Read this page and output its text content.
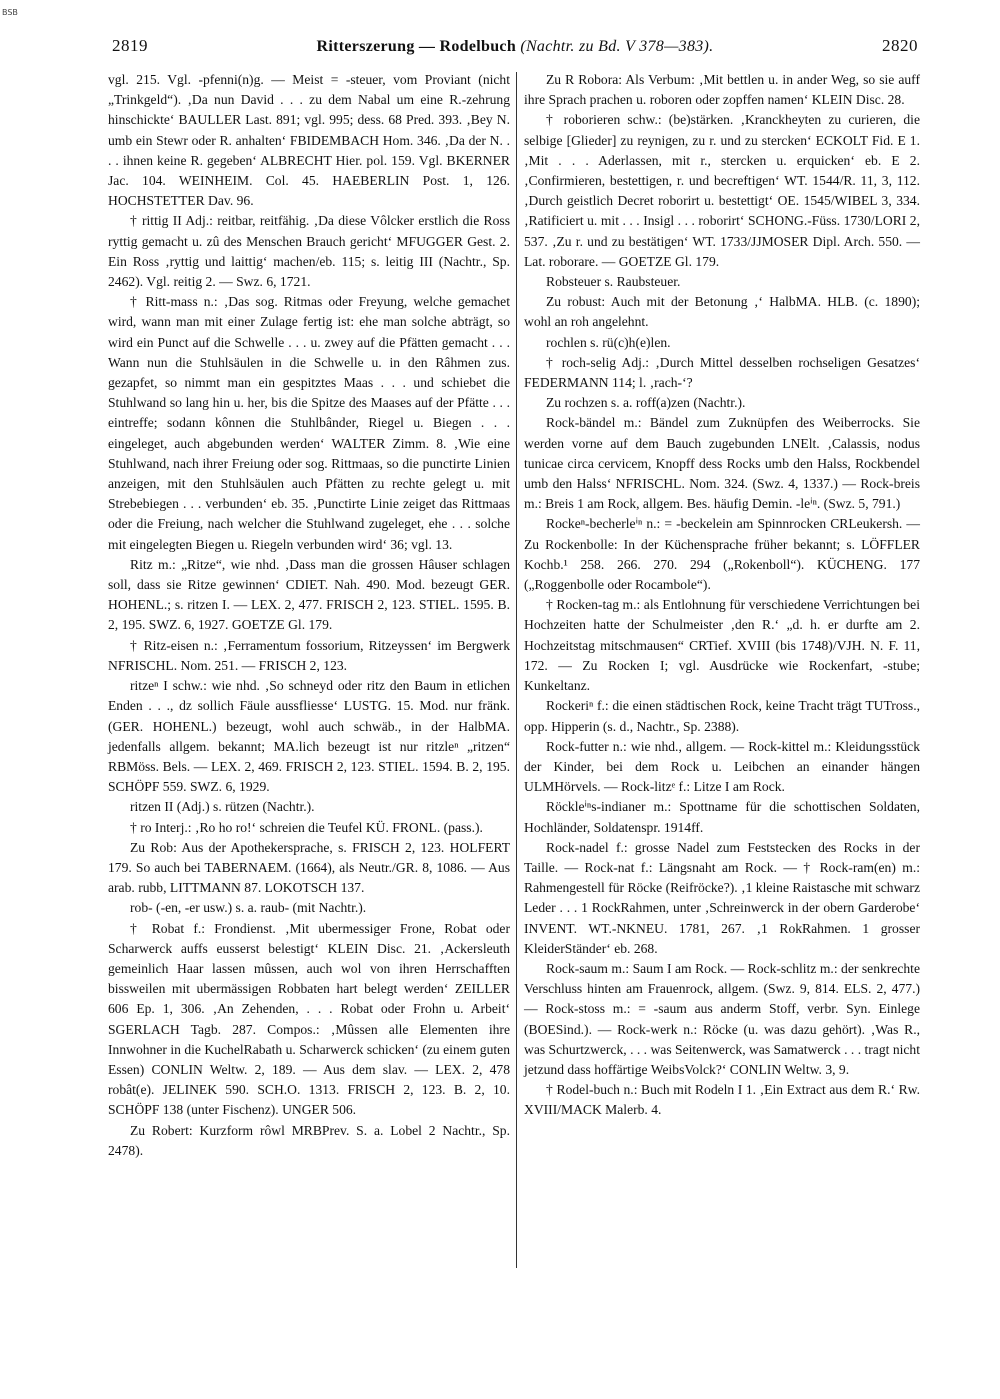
BSB
2819	Ritterszerung — Rodelbuch (Nachtr. zu Bd. V 378—383).	2820

vgl. 215. Vgl. -pfenni(n)g. — Meist = -steuer, vom Proviant (nicht „Trinkgeld“). ‚Da nun David . . . zu dem Nabal um eine R.-zehrung hinschickte‘ BAULLER Last. 891; vgl. 995; dess. 68 Pred. 393. ‚Bey N. umb ein Stewr oder R. anhalten‘ FBIDEMBACH Hom. 346. ‚Da der N. . . . ihnen keine R. gegeben‘ ALBRECHT Hier. pol. 159. Vgl. BKERNER Jac. 104. WEINHEIM. Col. 45. HAEBERLIN Post. 1, 126. HOCHSTETTER Dav. 96.

† rittig II Adj.: reitbar, reitfähig. ‚Da diese Vôlcker erstlich die Ross ryttig gemacht u. zû des Menschen Brauch gericht‘ MFUGGER Gest. 2. Ein Ross ‚ryttig und laittig‘ machen/eb. 115; s. leitig III (Nachtr., Sp. 2462). Vgl. reitig 2. — Swz. 6, 1721.

† Ritt-mass n.: ‚Das sog. Ritmas oder Freyung, welche gemachet wird, wann man mit einer Zulage fertig ist: ehe man solche abträgt, so wird ein Punct auf die Schwelle . . . u. zwey auf die Pfätten gemacht . . . Wann nun die Stuhlsäulen in die Schwelle u. in den Râhmen zus. gezapfet, so nimmt man ein gespitztes Maas . . . und schiebet die Stuhlwand so lang hin u. her, bis die Spitze des Maases auf der Pfätte . . . eintreffe; sodann kônnen die Stuhlbânder, Riegel u. Biegen . . . eingeleget, auch abgebunden werden‘ WALTER Zimm. 8. ‚Wie eine Stuhlwand, nach ihrer Freiung oder sog. Rittmaas, so die punctirte Linien anzeigen, mit den Stuhlsäulen auch Pfätten zu rechte gelegt u. mit Strebebiegen . . . verbunden‘ eb. 35. ‚Punctirte Linie zeiget das Rittmaas oder die Freiung, nach welcher die Stuhlwand zugeleget, ehe . . . solche mit eingelegten Biegen u. Riegeln verbunden wird‘ 36; vgl. 13.

Ritz m.: „Ritze“, wie nhd. ‚Dass man die grossen Hâuser schlagen soll, dass sie Ritze gewinnen‘ CDIET. Nah. 490. Mod. bezeugt GER. HOHENL.; s. ritzen I. — LEX. 2, 477. FRISCH 2, 123. STIEL. 1595. B. 2, 195. SWZ. 6, 1927. GOETZE Gl. 179.

† Ritz-eisen n.: ‚Ferramentum fossorium, Ritzeyssen‘ im Bergwerk NFRISCHL. Nom. 251. — FRISCH 2, 123.

ritzeⁿ I schw.: wie nhd. ‚So schneyd oder ritz den Baum in etlichen Enden . . ., dz sollich Fäule aussfliesse‘ LUSTG. 15. Mod. nur fränk. (GER. HOHENL.) bezeugt, wohl auch schwäb., in der HalbMA. jedenfalls allgem. bekannt; MA.lich bezeugt ist nur ritzleⁿ „ritzen“ RBMöss. Bels. — LEX. 2, 469. FRISCH 2, 123. STIEL. 1594. B. 2, 195. SCHÖPF 559. SWZ. 6, 1929.

ritzen II (Adj.) s. rützen (Nachtr.).

† ro Interj.: ‚Ro ho ro!‘ schreien die Teufel KÜ. FRONL. (pass.).

Zu Rob: Aus der Apothekersprache, s. FRISCH 2, 123. HOLFERT 179. So auch bei TABERNAEM. (1664), als Neutr./GR. 8, 1086. — Aus arab. rubb, LITTMANN 87. LOKOTSCH 137.

rob- (-en, -er usw.) s. a. raub- (mit Nachtr.).

† Robat f.: Frondienst. ‚Mit ubermessiger Frone, Robat oder Scharwerck auffs eusserst belestigt‘ KLEIN Disc. 21. ‚Ackersleuth gemeinlich Haar lassen mûssen, auch wol von ihren Herrschafften bissweilen mit ubermässigen Robbaten hart belegt werden‘ ZEILLER 606 Ep. 1, 306. ‚An Zehenden, . . . Robat oder Frohn u. Arbeit‘ SGERLACH Tagb. 287. Compos.: ‚Mûssen alle Elementen ihre Innwohner in die KuchelRabath u. Scharwerck schicken‘ (zu einem guten Essen) CONLIN Weltw. 2, 189. — Aus dem slav. — LEX. 2, 478 robât(e). JELINEK 590. SCH.O. 1313. FRISCH 2, 123. B. 2, 10. SCHÖPF 138 (unter Fischenz). UNGER 506.

Zu Robert: Kurzform rôwl MRBPrev. S. a. Lobel 2 Nachtr., Sp. 2478).

Zu R Robora: Als Verbum: ‚Mit bettlen u. in ander Weg, so sie auff ihre Sprach prachen u. roboren oder zopffen namen‘ KLEIN Disc. 28.

† roborieren schw.: (be)stärken. ‚Kranckheyten zu curieren, die selbige [Glieder] zu reynigen, zu r. und zu stercken‘ ECKOLT Fid. E 1. ‚Mit . . . Aderlassen, mit r., stercken u. erquicken‘ eb. E 2. ‚Confirmieren, bestettigen, r. und becreftigen‘ WT. 1544/R. 11, 3, 112. ‚Durch geistlich Decret roborirt u. bestettigt‘ OE. 1545/WIBEL 3, 334. ‚Ratificiert u. mit . . . Insigl . . . roborirt‘ SCHONG.-Füss. 1730/LORI 2, 537. ‚Zu r. und zu bestätigen‘ WT. 1733/JJMOSER Dipl. Arch. 550. — Lat. roborare. — GOETZE Gl. 179.

Robsteuer s. Raubsteuer.

Zu robust: Auch mit der Betonung ‚‘ HalbMA. HLB. (c. 1890); wohl an roh angelehnt.

rochlen s. rü(c)h(e)len.

† roch-selig Adj.: ‚Durch Mittel desselben rochseligen Gesatzes‘ FEDERMANN 114; l. ‚rach-‘?

Zu rochzen s. a. roff(a)zen (Nachtr.).

Rock-bändel m.: Bändel zum Zuknüpfen des Weiberrocks. Sie werden vorne auf dem Bauch zugebunden LNElt. ‚Calassis, nodus tunicae circa cervicem, Knopff dess Rocks umb den Halss, Rockbendel umb den Halss‘ NFRISCHL. Nom. 324. (Swz. 4, 1337.) — Rock-breis m.: Breis 1 am Rock, allgem. Bes. häufig Demin. -leⁱⁿ. (Swz. 5, 791.)

Rockeⁿ-becherleⁱⁿ n.: = -beckelein am Spinnrocken CRLeukersh. — Zu Rockenbolle: In der Küchensprache früher bekannt; s. LÖFFLER Kochb.¹ 258. 266. 270. 294 („Rokenboll“). KÜCHENG. 177 („Roggenbolle oder Rocambole“).

† Rocken-tag m.: als Entlohnung für verschiedene Verrichtungen bei Hochzeiten hatte der Schulmeister ‚den R.‘ „d. h. er durfte am 2. Hochzeitstag mitschmausen“ CRTief. XVIII (bis 1748)/VJH. N. F. 11, 172. — Zu Rocken I; vgl. Ausdrücke wie Rockenfart, -stube; Kunkeltanz.

Rockeriⁿ f.: die einen städtischen Rock, keine Tracht trägt TUTross., opp. Hipperin (s. d., Nachtr., Sp. 2388).

Rock-futter n.: wie nhd., allgem. — Rock-kittel m.: Kleidungsstück der Kinder, bei dem Rock u. Leibchen an einander hängen ULMHörvels. — Rock-litzᵉ f.: Litze I am Rock.

Röckleⁱⁿs-indianer m.: Spottname für die schottischen Soldaten, Hochländer, Soldatenspr. 1914ff.

Rock-nadel f.: grosse Nadel zum Feststecken des Rocks in der Taille. — Rock-nat f.: Längsnaht am Rock. — † Rock-ram(en) m.: Rahmengestell für Röcke (Reifröcke?). ‚1 kleine Raistasche mit schwarz Leder . . . 1 RockRahmen, unter ‚Schreinwerck in der obern Garderobe‘ INVENT. WT.-NKNEU. 1781, 267. ‚1 RokRahmen. 1 grosser KleiderStänder‘ eb. 268.

Rock-saum m.: Saum I am Rock. — Rock-schlitz m.: der senkrechte Verschluss hinten am Frauenrock, allgem. (Swz. 9, 814. ELS. 2, 477.) — Rock-stoss m.: = -saum aus anderm Stoff, verbr. Syn. Einlege (BOESind.). — Rock-werk n.: Röcke (u. was dazu gehört). ‚Was R., was Schurtzwerck, . . . was Seitenwerck, was Samatwerck . . . tragt nicht jetzund dass hoffärtige WeibsVolck?‘ CONLIN Weltw. 3, 9.

† Rodel-buch n.: Buch mit Rodeln I 1. ‚Ein Extract aus dem R.‘ Rw. XVIII/MACK Malerb. 4.
